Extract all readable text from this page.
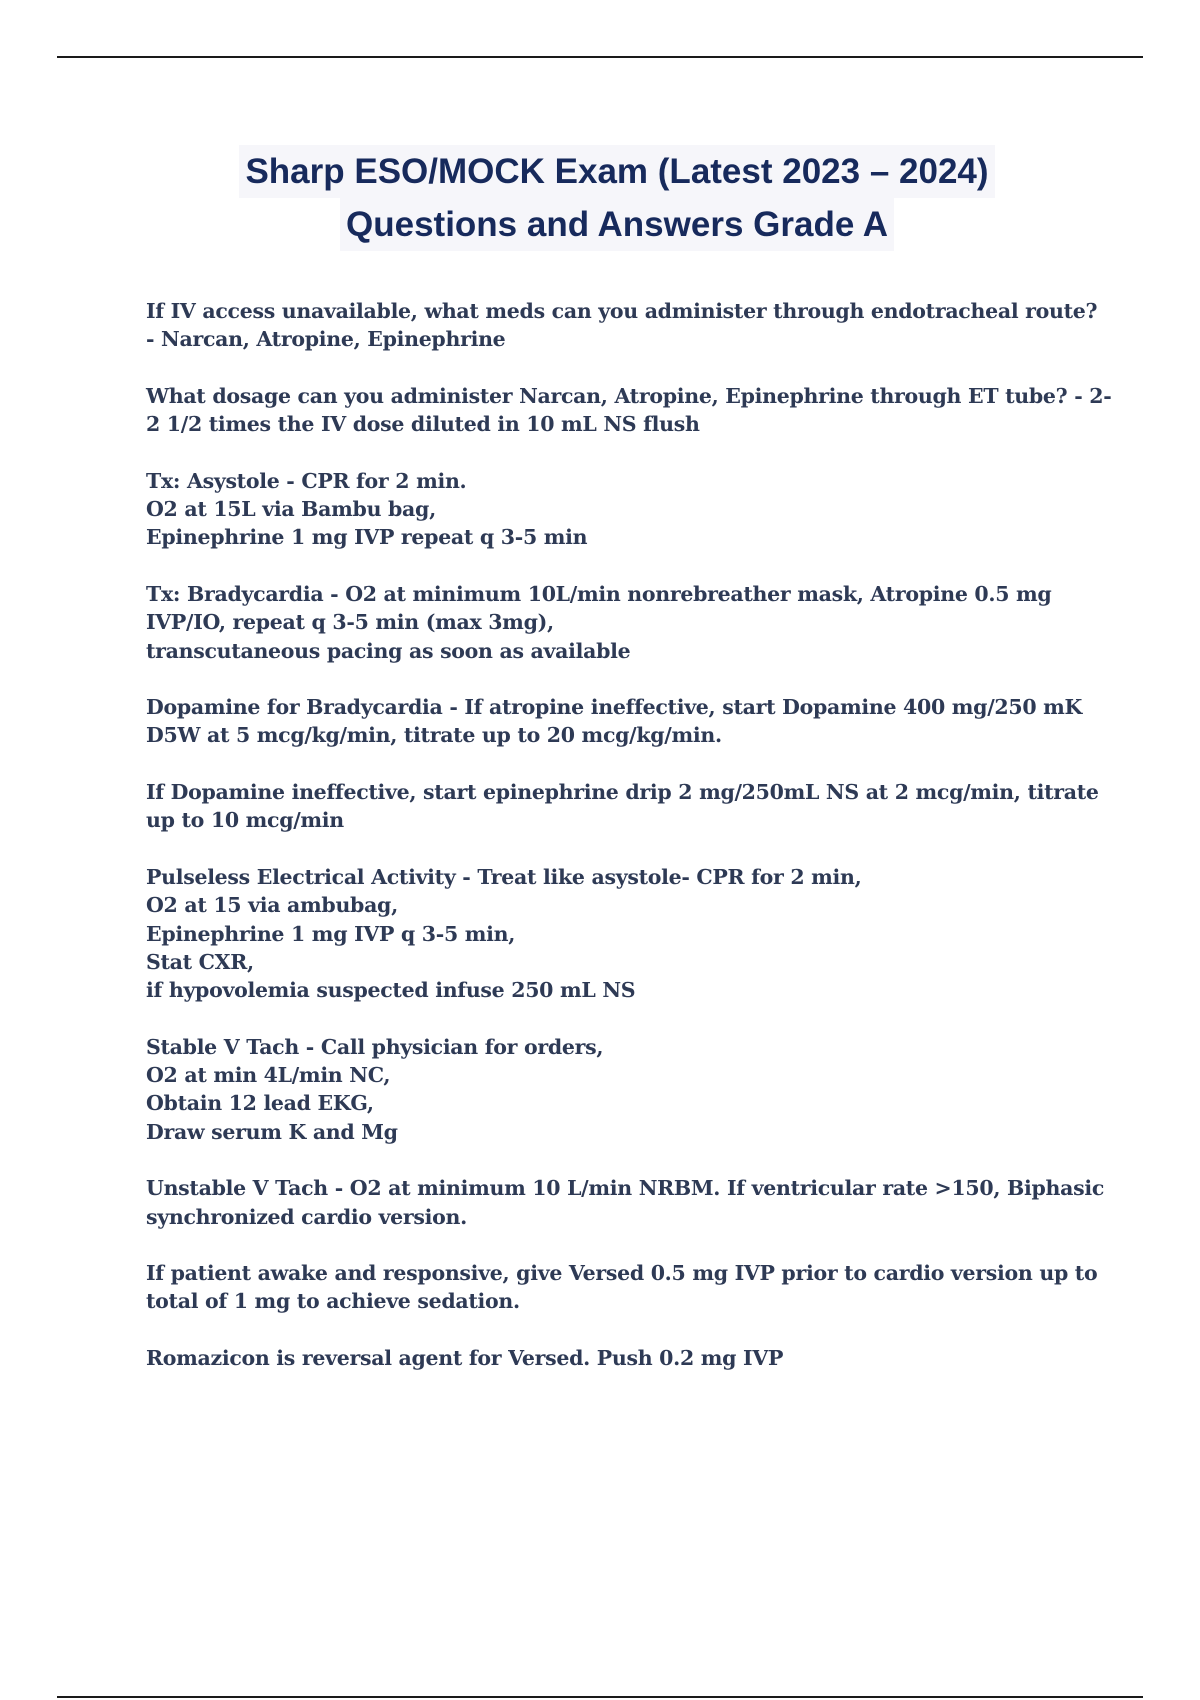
Sharp ESO/MOCK Exam (Latest 2023 – 2024)
Questions and Answers Grade A
If IV access unavailable, what meds can you administer through endotracheal route?
- Narcan, Atropine, Epinephrine
What dosage can you administer Narcan, Atropine, Epinephrine through ET tube? - 2-
2 1/2 times the IV dose diluted in 10 mL NS flush
Tx: Asystole - CPR for 2 min.
O2 at 15L via Bambu bag,
Epinephrine 1 mg IVP repeat q 3-5 min
Tx: Bradycardia - O2 at minimum 10L/min nonrebreather mask, Atropine 0.5 mg
IVP/IO, repeat q 3-5 min (max 3mg),
transcutaneous pacing as soon as available
Dopamine for Bradycardia - If atropine ineffective, start Dopamine 400 mg/250 mK
D5W at 5 mcg/kg/min, titrate up to 20 mcg/kg/min.
If Dopamine ineffective, start epinephrine drip 2 mg/250mL NS at 2 mcg/min, titrate
up to 10 mcg/min
Pulseless Electrical Activity - Treat like asystole- CPR for 2 min,
O2 at 15 via ambubag,
Epinephrine 1 mg IVP q 3-5 min,
Stat CXR,
if hypovolemia suspected infuse 250 mL NS
Stable V Tach - Call physician for orders,
O2 at min 4L/min NC,
Obtain 12 lead EKG,
Draw serum K and Mg
Unstable V Tach - O2 at minimum 10 L/min NRBM. If ventricular rate >150, Biphasic
synchronized cardio version.
If patient awake and responsive, give Versed 0.5 mg IVP prior to cardio version up to
total of 1 mg to achieve sedation.
Romazicon is reversal agent for Versed. Push 0.2 mg IVP
